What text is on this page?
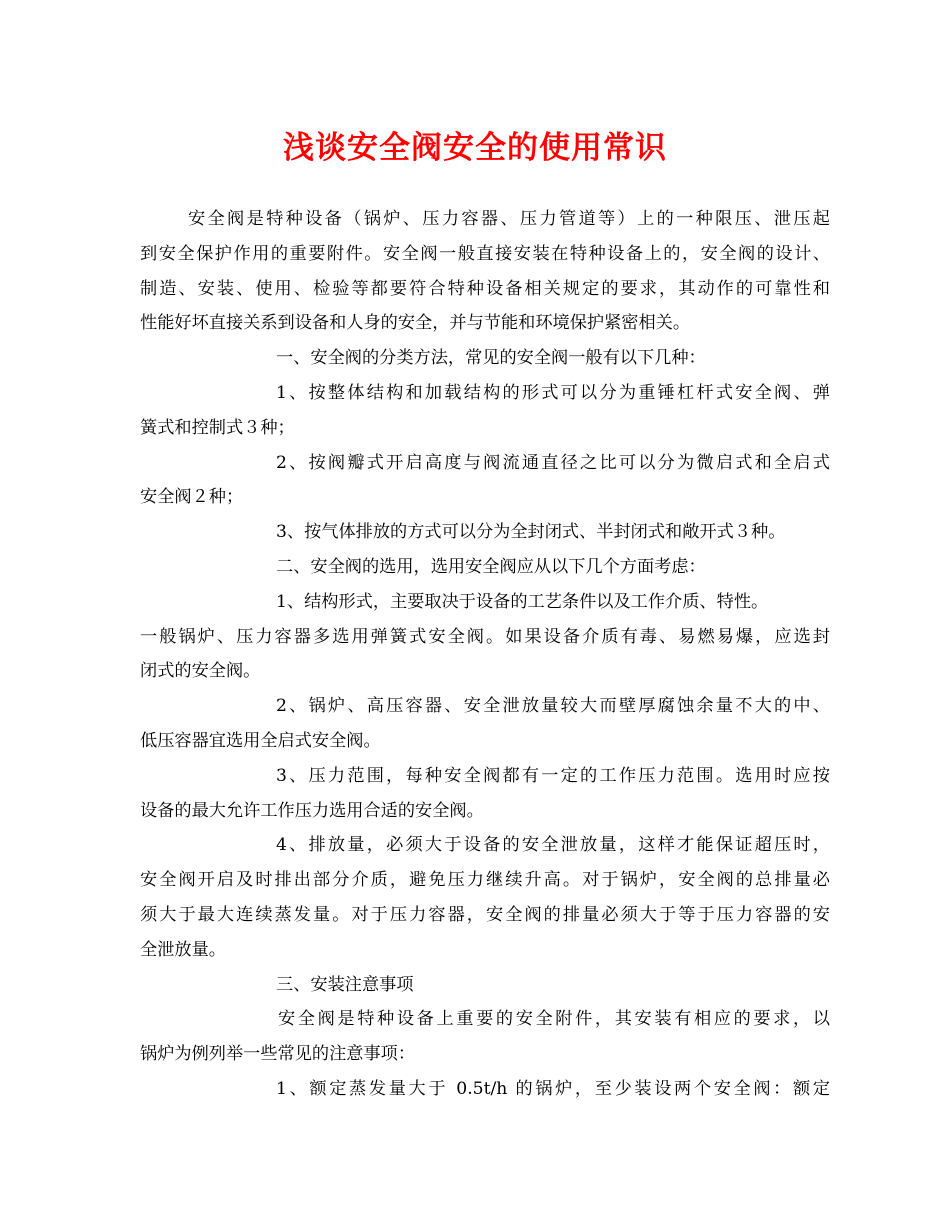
浅谈安全阀安全的使用常识
安全阀是特种设备（锅炉、压力容器、压力管道等）上的一种限压、泄压起
到安全保护作用的重要附件。安全阀一般直接安装在特种设备上的，安全阀的设计、
制造、安装、使用、检验等都要符合特种设备相关规定的要求，其动作的可靠性和
性能好坏直接关系到设备和人身的安全，并与节能和环境保护紧密相关。
一、安全阀的分类方法，常见的安全阀一般有以下几种：
1、按整体结构和加载结构的形式可以分为重锤杠杆式安全阀、弹
簧式和控制式３种；
2、按阀瓣式开启高度与阀流通直径之比可以分为微启式和全启式
安全阀２种；
3、按气体排放的方式可以分为全封闭式、半封闭式和敞开式３种。
二、安全阀的选用，选用安全阀应从以下几个方面考虑：
1、结构形式，主要取决于设备的工艺条件以及工作介质、特性。
一般锅炉、压力容器多选用弹簧式安全阀。如果设备介质有毒、易燃易爆，应选封
闭式的安全阀。
2、锅炉、高压容器、安全泄放量较大而壁厚腐蚀余量不大的中、
低压容器宜选用全启式安全阀。
3、压力范围，每种安全阀都有一定的工作压力范围。选用时应按
设备的最大允许工作压力选用合适的安全阀。
4、排放量，必须大于设备的安全泄放量，这样才能保证超压时，
安全阀开启及时排出部分介质，避免压力继续升高。对于锅炉，安全阀的总排量必
须大于最大连续蒸发量。对于压力容器，安全阀的排量必须大于等于压力容器的安
全泄放量。
三、安装注意事项
安全阀是特种设备上重要的安全附件，其安装有相应的要求，以
锅炉为例列举一些常见的注意事项：
1、额定蒸发量大于 0.5t/h 的锅炉，至少装设两个安全阀：额定
